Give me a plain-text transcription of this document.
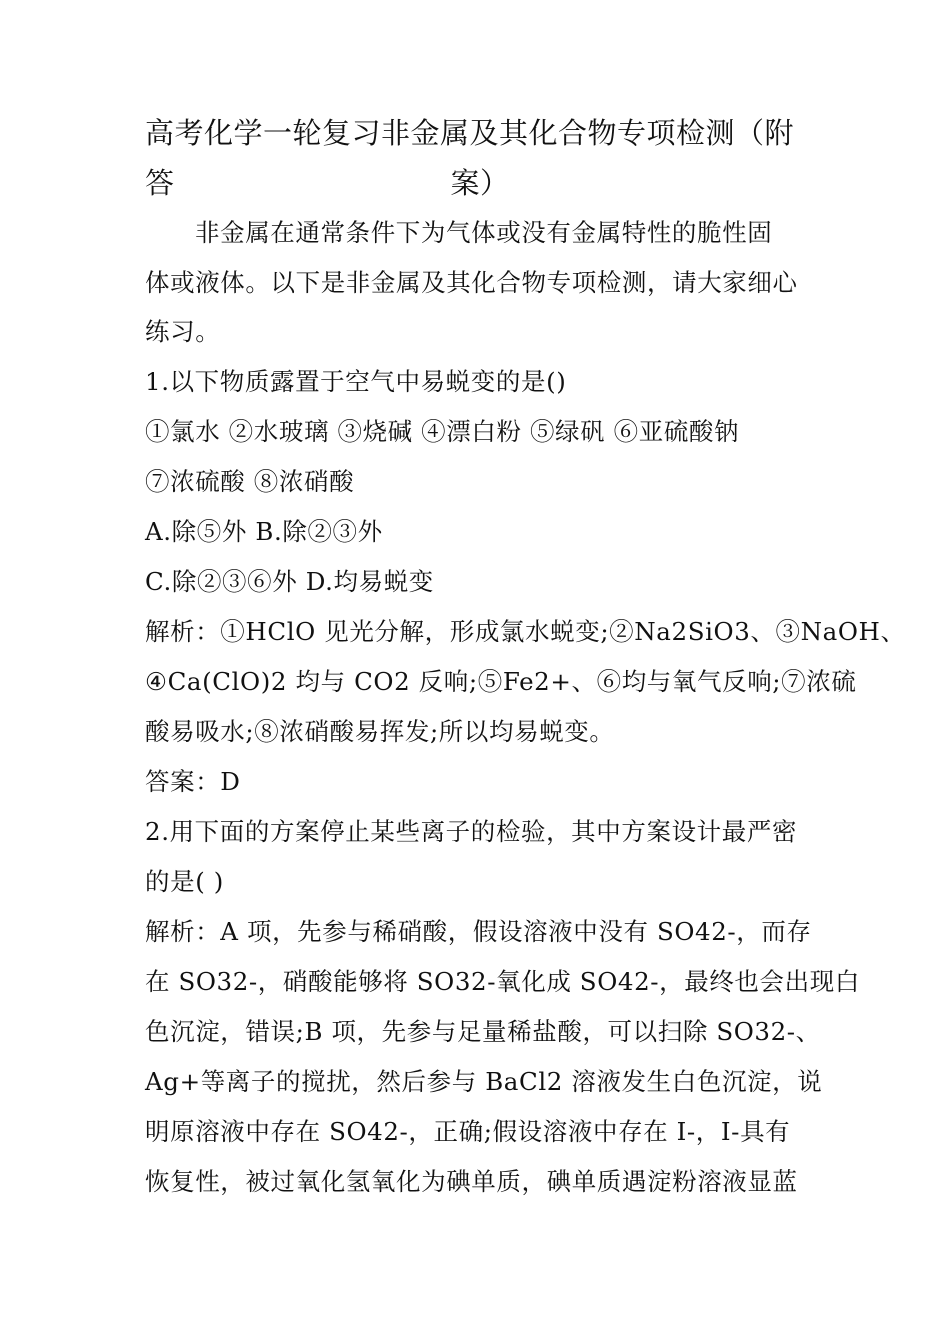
高考化学一轮复习非金属及其化合物专项检测（附答	案）
非金属在通常条件下为气体或没有金属特性的脆性固
体或液体。以下是非金属及其化合物专项检测，请大家细心
练习。
1.以下物质露置于空气中易蜕变的是()
①氯水 ②水玻璃 ③烧碱 ④漂白粉 ⑤绿矾 ⑥亚硫酸钠
⑦浓硫酸 ⑧浓硝酸
A.除⑤外 B.除②③外
C.除②③⑥外 D.均易蜕变
解析：①HClO 见光分解，形成氯水蜕变;②Na2SiO3、③NaOH、
④Ca(ClO)2 均与 CO2 反响;⑤Fe2+、⑥均与氧气反响;⑦浓硫
酸易吸水;⑧浓硝酸易挥发;所以均易蜕变。
答案：D
2.用下面的方案停止某些离子的检验，其中方案设计最严密
的是( )
解析：A 项，先参与稀硝酸，假设溶液中没有 SO42-，而存
在 SO32-，硝酸能够将 SO32-氧化成 SO42-，最终也会出现白
色沉淀，错误;B 项，先参与足量稀盐酸，可以扫除 SO32-、
Ag+等离子的搅扰，然后参与 BaCl2 溶液发生白色沉淀，说
明原溶液中存在 SO42-，正确;假设溶液中存在 I-，I-具有
恢复性，被过氧化氢氧化为碘单质，碘单质遇淀粉溶液显蓝
